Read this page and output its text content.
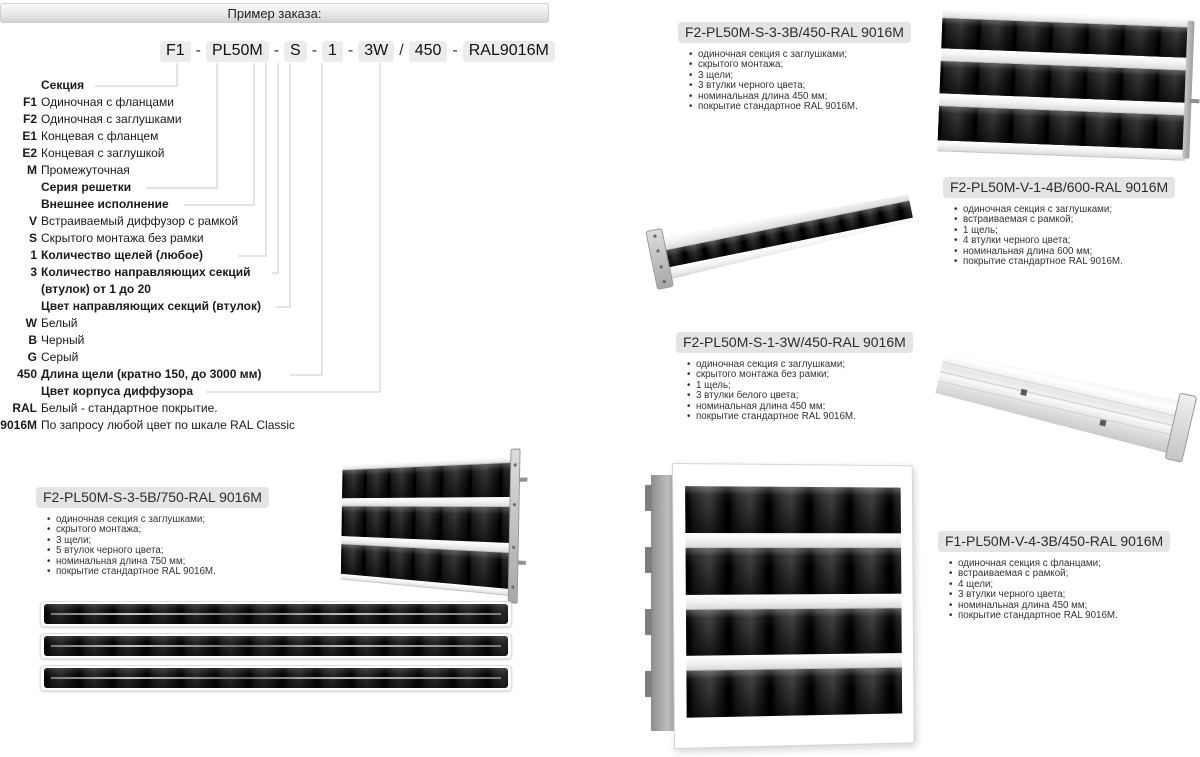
Пример заказа:
F1 - PL50M - S - 1 - 3W / 450 - RAL9016M
Секция
F1 Одиночная с фланцами
F2 Одиночная с заглушками
E1 Концевая с фланцем
E2 Концевая с заглушкой
M Промежуточная
Серия решетки
Внешнее исполнение
V Встраиваемый диффузор с рамкой
S Скрытого монтажа без рамки
1 Количество щелей (любое)
3 Количество направляющих секций (втулок) от 1 до 20
Цвет направляющих секций (втулок)
W Белый
B Черный
G Серый
450 Длина щели (кратно 150, до 3000 мм)
Цвет корпуса диффузора
RAL Белый - стандартное покрытие.
9016M По запросу любой цвет по шкале RAL Classic
F2-PL50M-S-3-3B/450-RAL 9016M
• одиночная секция с заглушками;
• скрытого монтажа;
• 3 щели;
• 3 втулки черного цвета;
• номинальная длина 450 мм;
• покрытие стандартное RAL 9016M.
F2-PL50M-V-1-4B/600-RAL 9016M
• одиночная секция с заглушками;
• встраиваемая с рамкой;
• 1 щель;
• 4 втулки черного цвета;
• номинальная длина 600 мм;
• покрытие стандартное RAL 9016M.
F2-PL50M-S-1-3W/450-RAL 9016M
• одиночная секция с заглушками;
• скрытого монтажа без рамки;
• 1 щель;
• 3 втулки белого цвета;
• номинальная длина 450 мм;
• покрытие стандартное RAL 9016M.
F2-PL50M-S-3-5B/750-RAL 9016M
• одиночная секция с заглушками;
• скрытого монтажа;
• 3 щели;
• 5 втулок черного цвета;
• номинальная длина 750 мм;
• покрытие стандартное RAL 9016M.
F1-PL50M-V-4-3B/450-RAL 9016M
• одиночная секция с фланцами;
• встраиваемая с рамкой;
• 4 щели;
• 3 втулки черного цвета;
• номинальная длина 450 мм;
• покрытие стандартное RAL 9016M.
